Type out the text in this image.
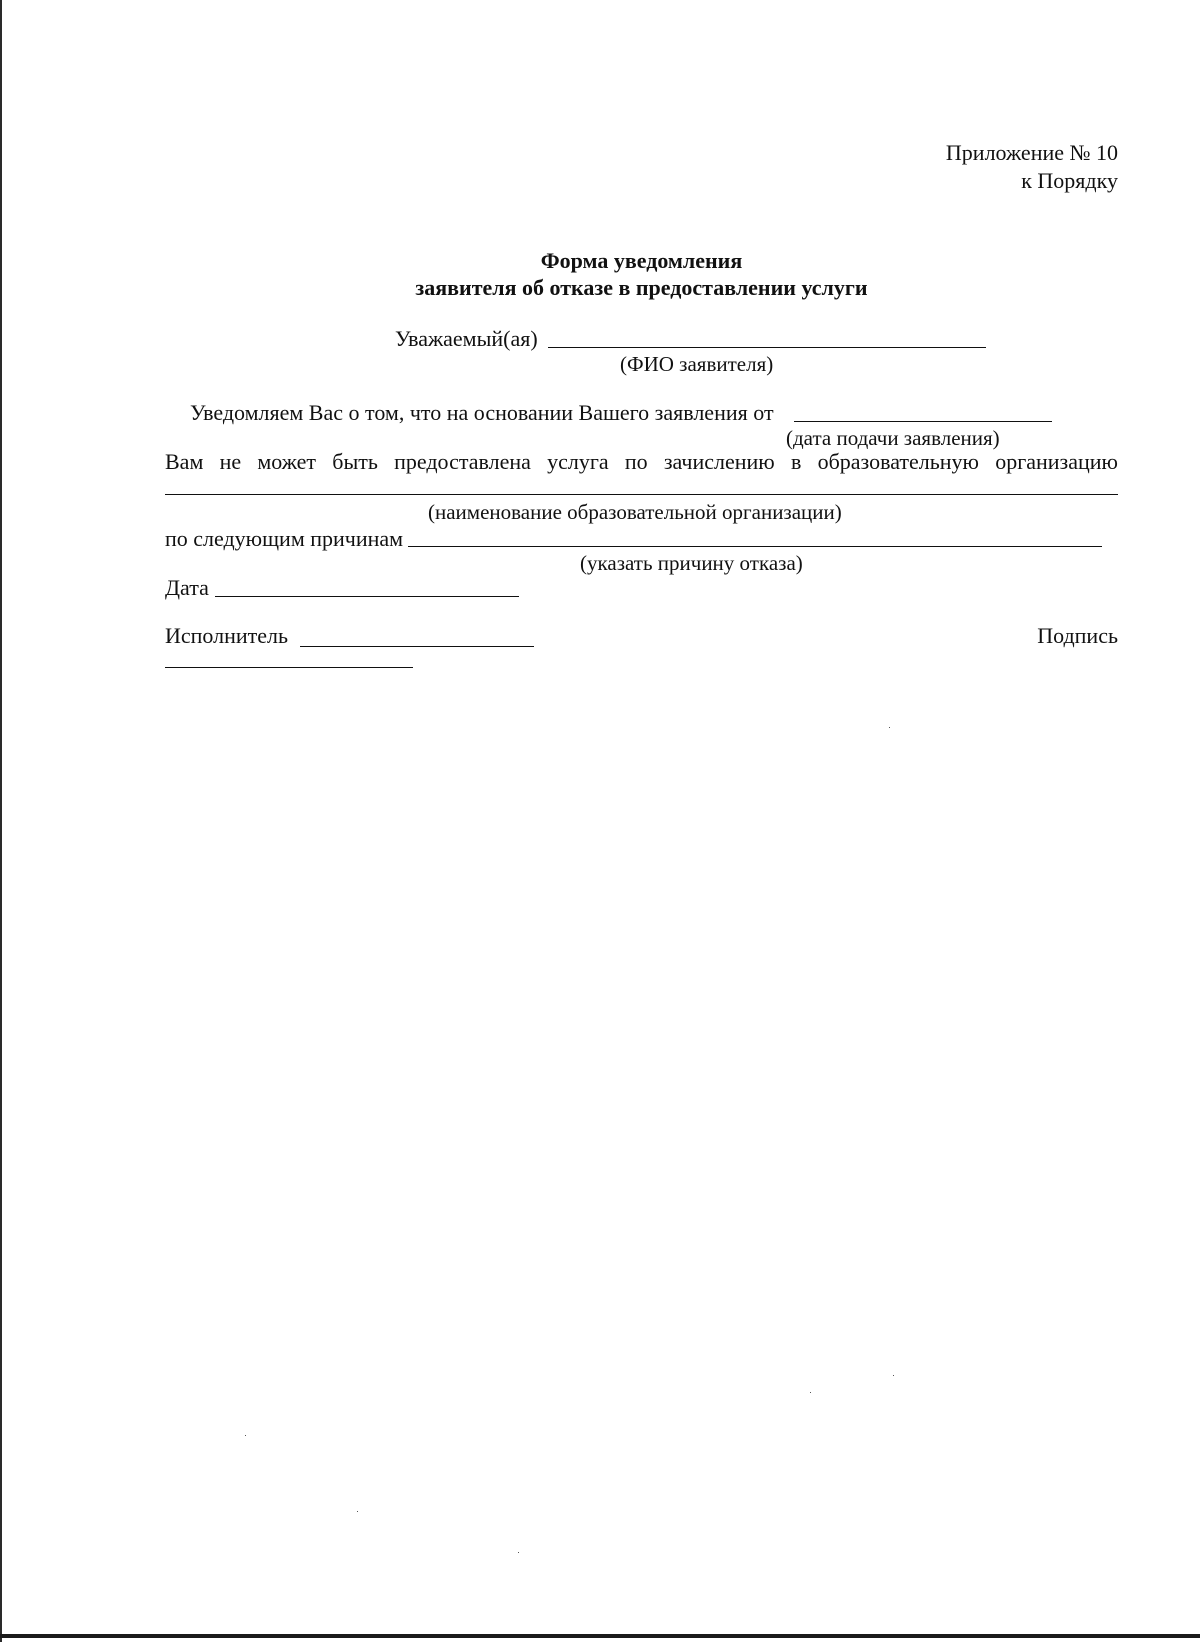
Приложение № 10
к Порядку
Форма уведомления
заявителя об отказе в предоставлении услуги
Уважаемый(ая)
(ФИО заявителя)
Уведомляем Вас о том, что на основании Вашего заявления от
(дата подачи заявления)
Вам не может быть предоставлена услуга по зачислению в образовательную организацию
(наименование образовательной организации)
по следующим причинам
(указать причину отказа)
Дата
Исполнитель	Подпись
